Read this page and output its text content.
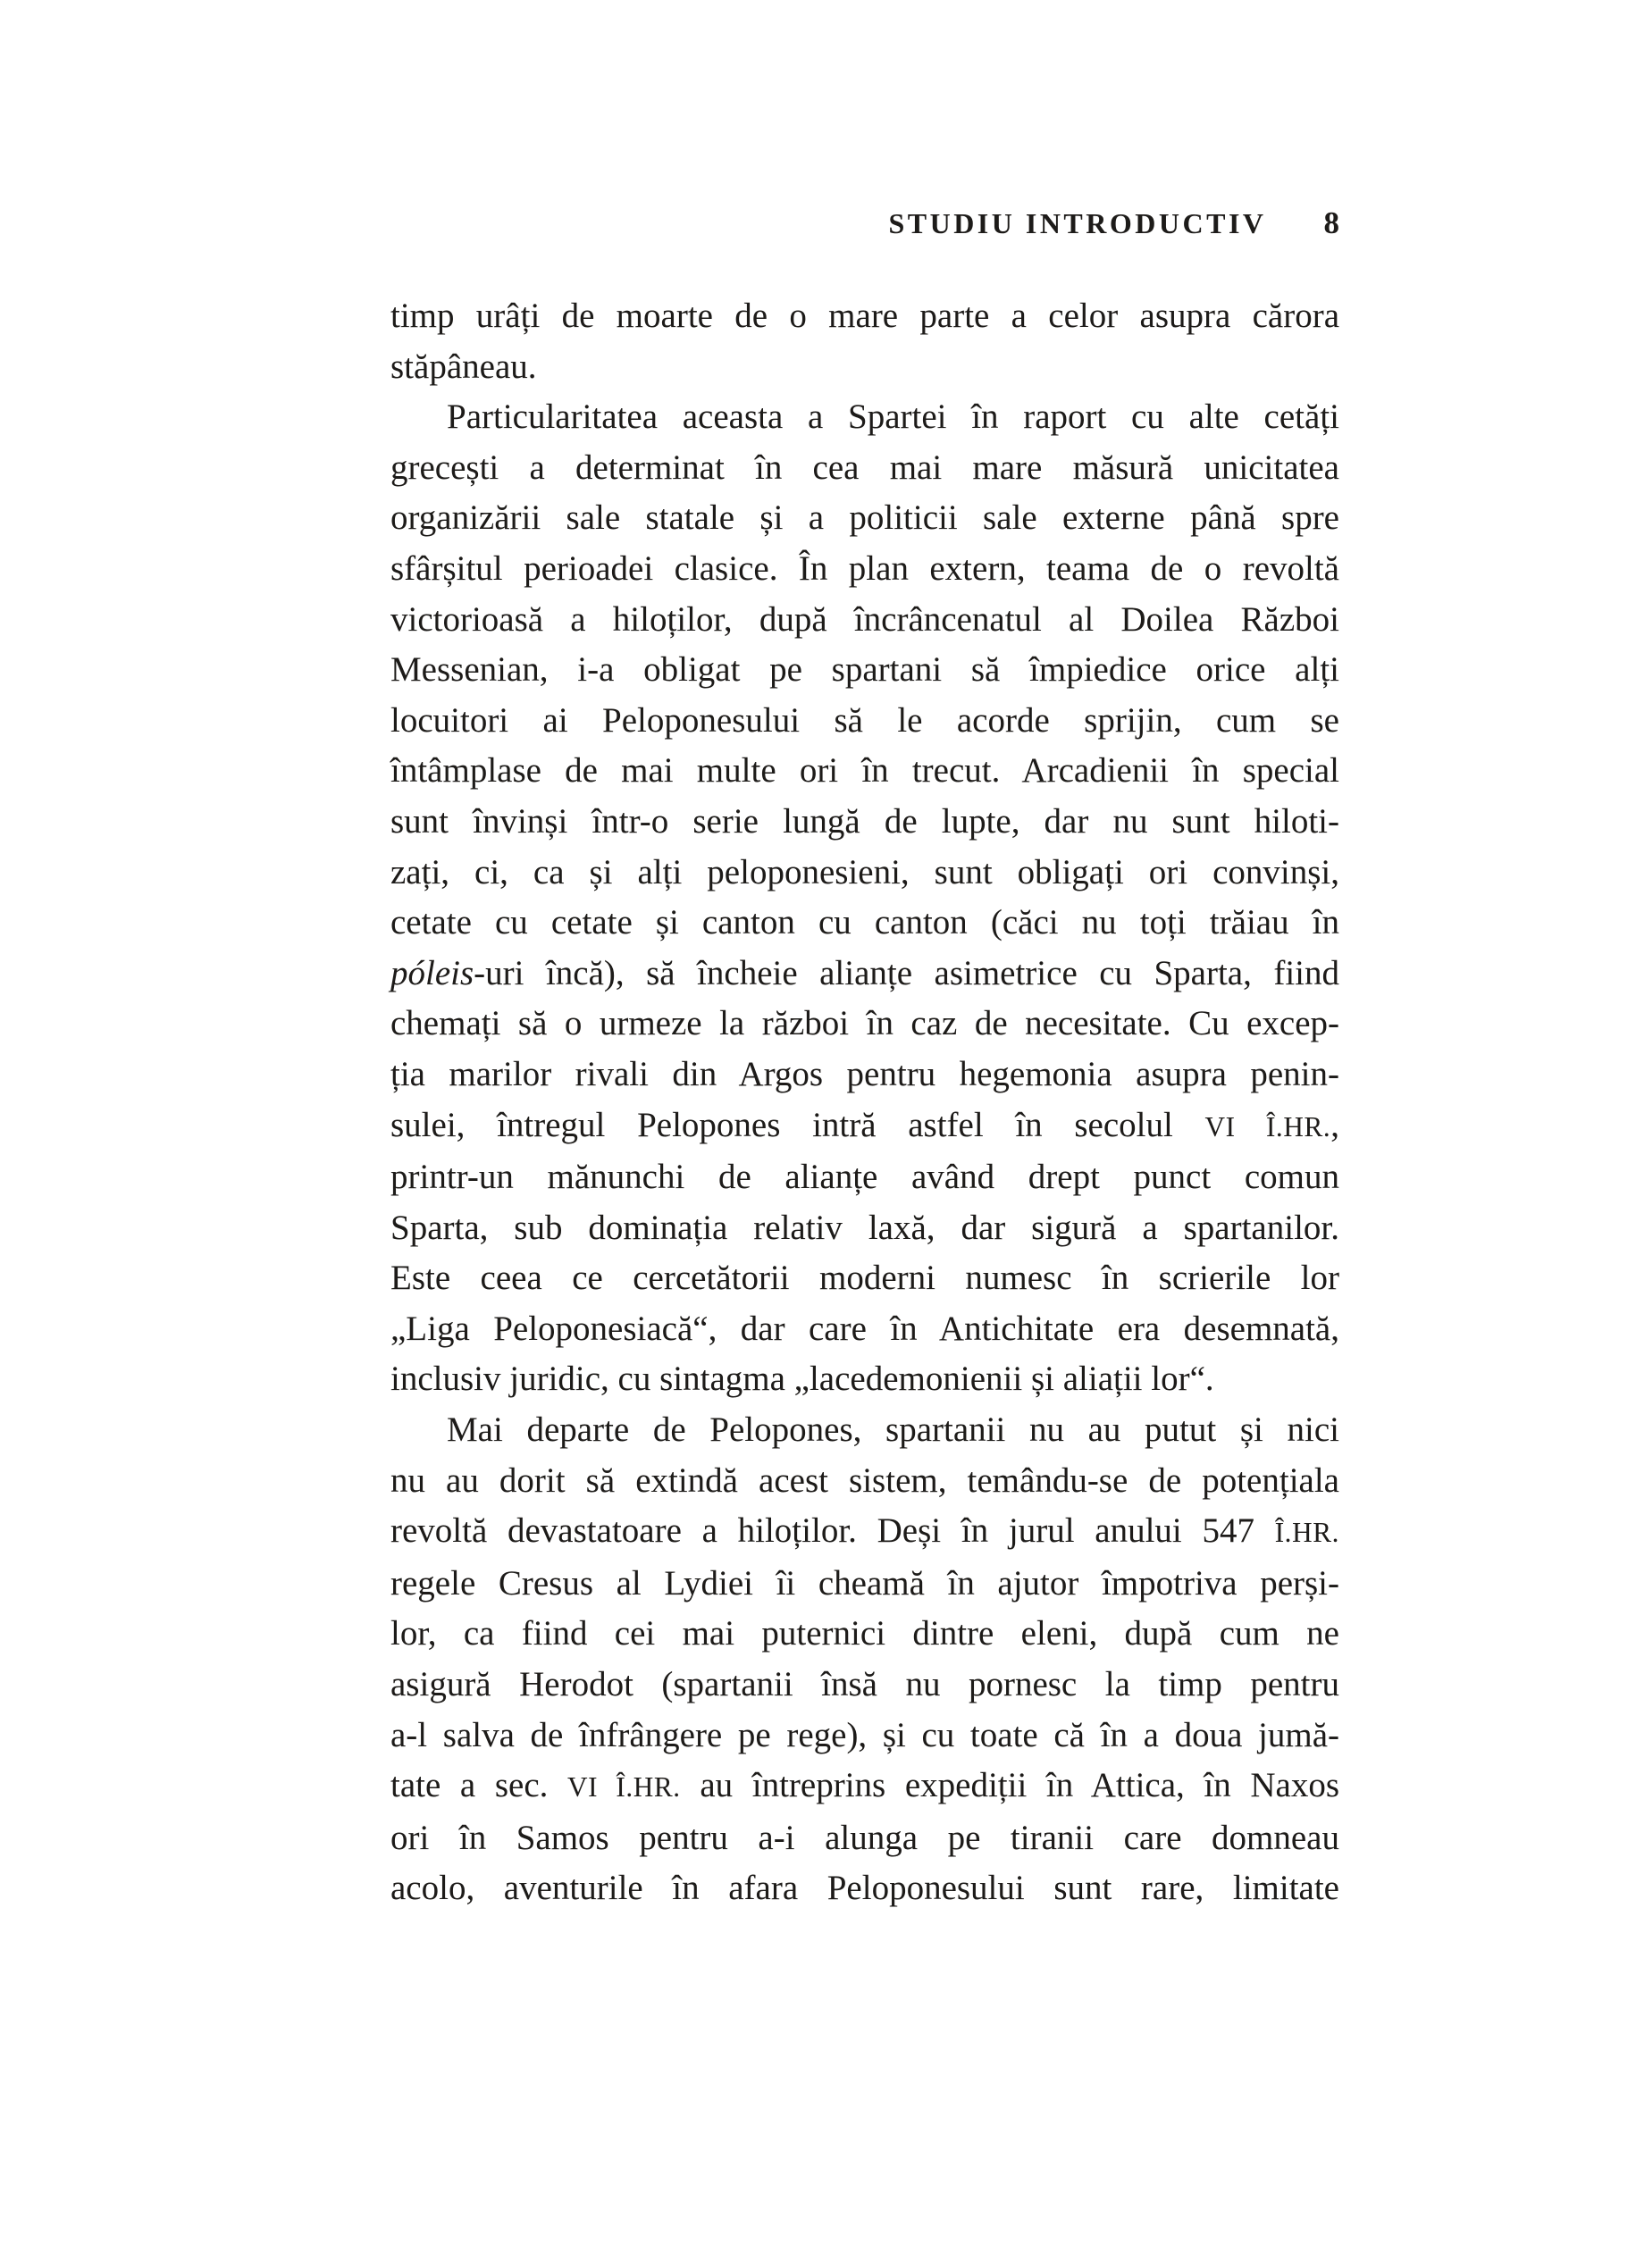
STUDIU INTRODUCTIV 8
timp urâți de moarte de o mare parte a celor asupra cărora
stăpâneau.
Particularitatea aceasta a Spartei în raport cu alte cetăți
grecești a determinat în cea mai mare măsură unicitatea
organizării sale statale și a politicii sale externe până spre
sfârșitul perioadei clasice. În plan extern, teama de o revoltă
victorioasă a hiloților, după încrâncenatul al Doilea Război
Messenian, i-a obligat pe spartani să împiedice orice alți
locuitori ai Peloponesului să le acorde sprijin, cum se
întâmplase de mai multe ori în trecut. Arcadienii în special
sunt învinși într-o serie lungă de lupte, dar nu sunt hiloti-
zați, ci, ca și alți peloponesieni, sunt obligați ori convinși,
cetate cu cetate și canton cu canton (căci nu toți trăiau în
póleis-uri încă), să încheie alianțe asimetrice cu Sparta, fiind
chemați să o urmeze la război în caz de necesitate. Cu excep-
ția marilor rivali din Argos pentru hegemonia asupra penin-
sulei, întregul Pelopones intră astfel în secolul VI Î.HR.,
printr-un mănunchi de alianțe având drept punct comun
Sparta, sub dominația relativ laxă, dar sigură a spartanilor.
Este ceea ce cercetătorii moderni numesc în scrierile lor
„Liga Peloponesiacă“, dar care în Antichitate era desemnată,
inclusiv juridic, cu sintagma „lacedemonienii și aliații lor“.
Mai departe de Pelopones, spartanii nu au putut și nici
nu au dorit să extindă acest sistem, temându-se de potențiala
revoltă devastatoare a hiloților. Deși în jurul anului 547 Î.HR.
regele Cresus al Lydiei îi cheamă în ajutor împotriva perși-
lor, ca fiind cei mai puternici dintre eleni, după cum ne
asigură Herodot (spartanii însă nu pornesc la timp pentru
a-l salva de înfrângere pe rege), și cu toate că în a doua jumă-
tate a sec. VI Î.HR. au întreprins expediții în Attica, în Naxos
ori în Samos pentru a-i alunga pe tiranii care domneau
acolo, aventurile în afara Peloponesului sunt rare, limitate
